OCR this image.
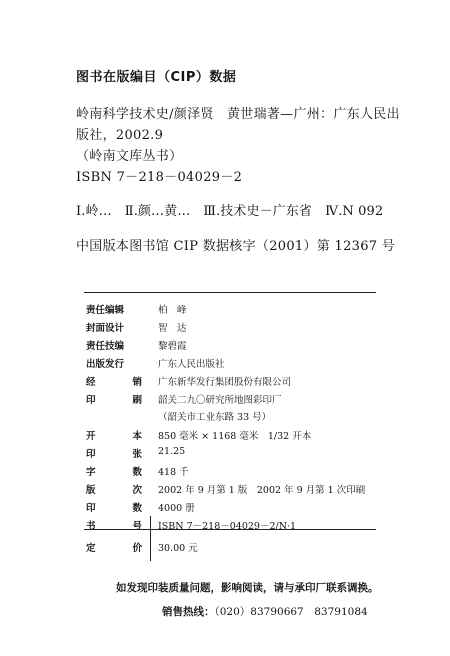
图书在版编目（CIP）数据
岭南科学技术史/颜泽贤　黄世瑞著—广州：广东人民出
版社，2002.9
（岭南文库丛书）
ISBN 7－218－04029－2
Ⅰ.岭…　Ⅱ.颜…黄…　Ⅲ.技术史－广东省　Ⅳ.N 092
中国版本图书馆 CIP 数据核字（2001）第 12367 号
责任编辑	柏　峰
封面设计	智　达
责任技编	黎碧霞
出版发行	广东人民出版社
经	销 广东新华发行集团股份有限公司
印	刷 韶关二九〇研究所地图彩印厂
（韶关市工业东路 33 号）
开	本 850 毫米 × 1168 毫米　1/32 开本
印	张 21.25
字	数 418 千
版	次 2002 年 9 月第 1 版　2002 年 9 月第 1 次印刷
印	数 4000 册
书	号 ISBN 7－218－04029－2/N·1
定	价 30.00 元
如发现印装质量问题，影响阅读，请与承印厂联系调换。
销售热线：（020）83790667　83791084
